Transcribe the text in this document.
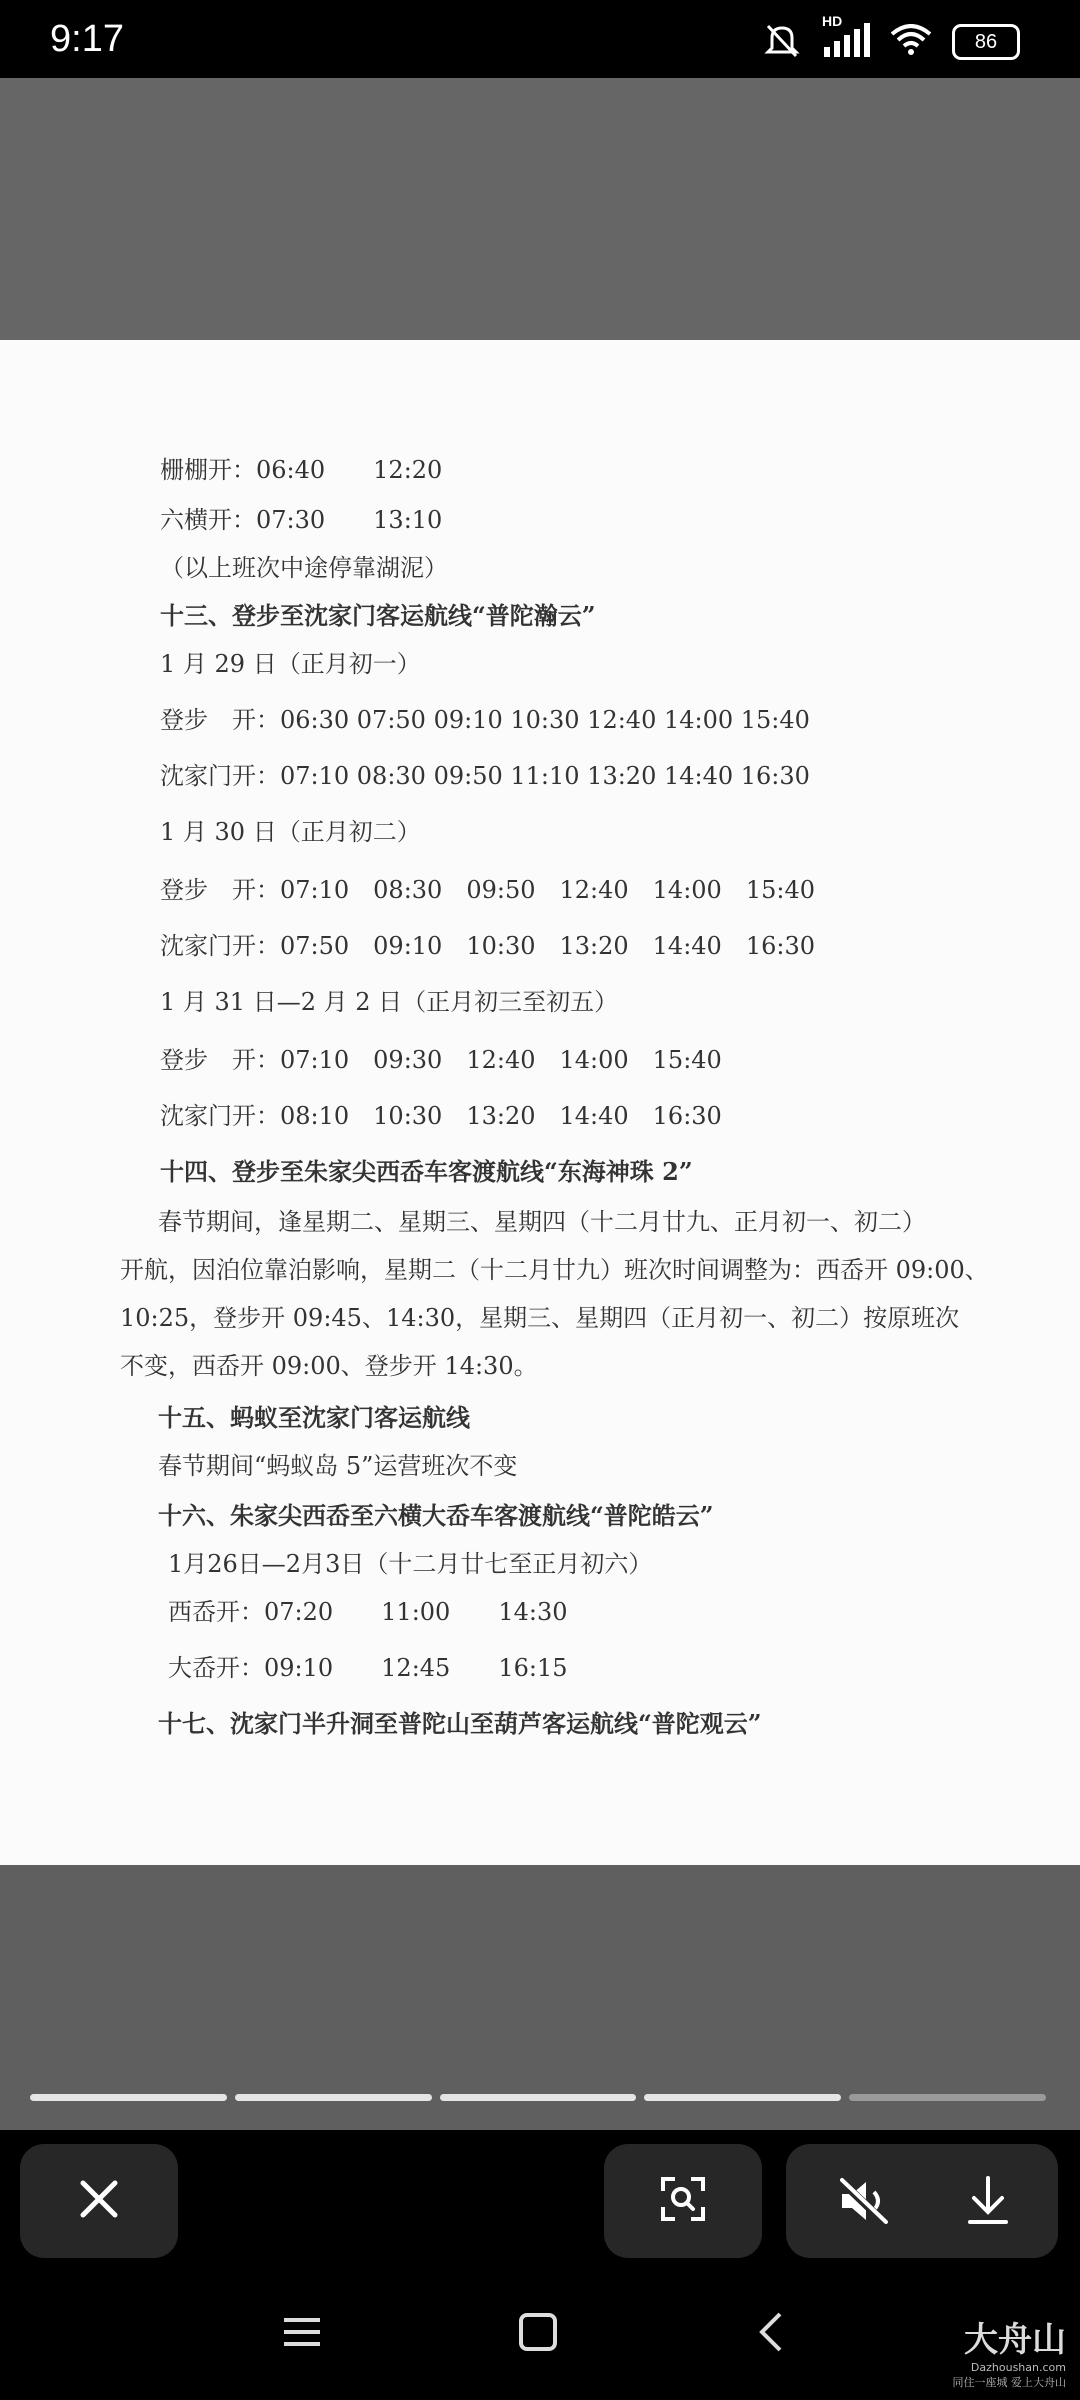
9:17	HD
86
栅棚开：06:40　　12:20
六横开：07:30　　13:10
（以上班次中途停靠湖泥）
十三、登步至沈家门客运航线“普陀瀚云”
1 月 29 日（正月初一）
登步　开：06:30 07:50 09:10 10:30 12:40 14:00 15:40
沈家门开：07:10 08:30 09:50 11:10 13:20 14:40 16:30
1 月 30 日（正月初二）
登步　开：07:10　08:30　09:50　12:40　14:00　15:40
沈家门开：07:50　09:10　10:30　13:20　14:40　16:30
1 月 31 日—2 月 2 日（正月初三至初五）
登步　开：07:10　09:30　12:40　14:00　15:40
沈家门开：08:10　10:30　13:20　14:40　16:30
十四、登步至朱家尖西岙车客渡航线“东海神珠 2”
春节期间，逢星期二、星期三、星期四（十二月廿九、正月初一、初二）
开航，因泊位靠泊影响，星期二（十二月廿九）班次时间调整为：西岙开 09:00、
10:25，登步开 09:45、14:30，星期三、星期四（正月初一、初二）按原班次
不变，西岙开 09:00、登步开 14:30。
十五、蚂蚁至沈家门客运航线
春节期间“蚂蚁岛 5”运营班次不变
十六、朱家尖西岙至六横大岙车客渡航线“普陀皓云”
1月26日—2月3日（十二月廿七至正月初六）
西岙开：07:20　　11:00　　14:30
大岙开：09:10　　12:45　　16:15
十七、沈家门半升洞至普陀山至葫芦客运航线“普陀观云”
大舟山
Dazhoushan.com
同住一座城 爱上大舟山
